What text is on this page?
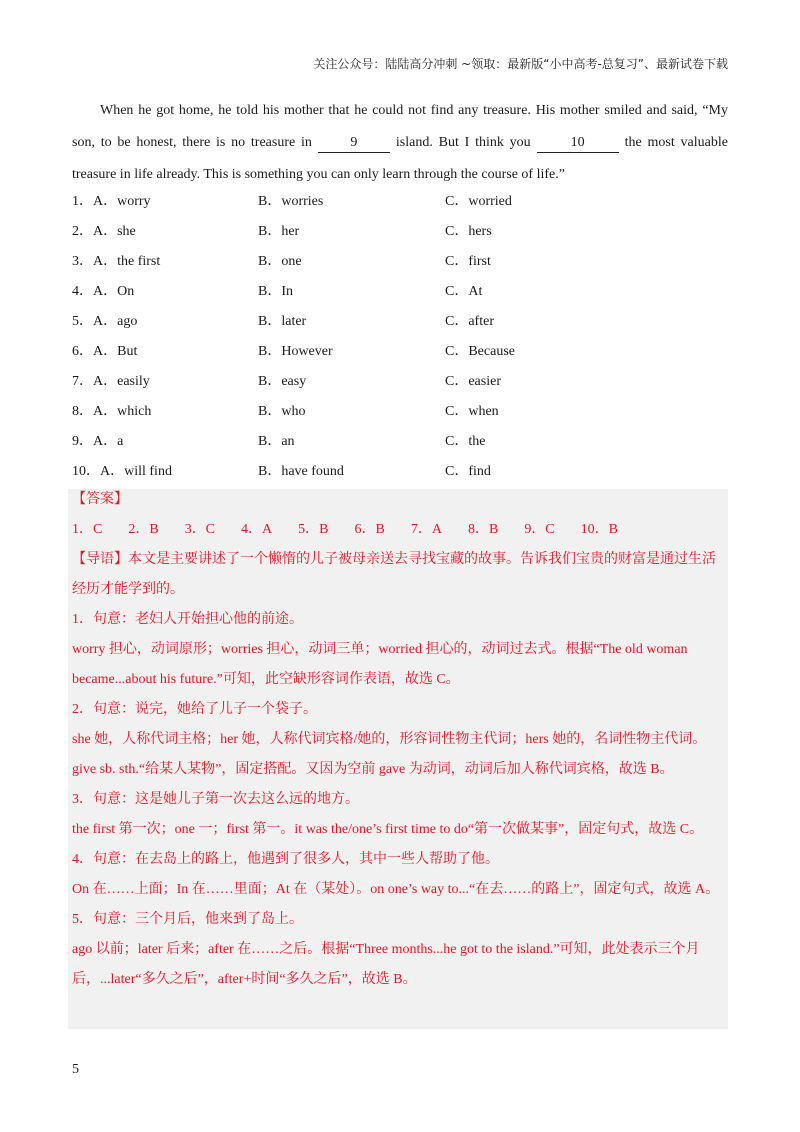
关注公众号：陆陆高分冲刺 ~领取：最新版“小中高考-总复习”、最新试卷下载
When he got home, he told his mother that he could not find any treasure. His mother smiled and said, “My son, to be honest, there is no treasure in	9	island. But I think you	10	the most valuable treasure in life already. This is something you can only learn through the course of life.”
1．A．worry	B．worries	C．worried
2．A．she	B．her	C．hers
3．A．the first	B．one	C．first
4．A．On	B．In	C．At
5．A．ago	B．later	C．after
6．A．But	B．However	C．Because
7．A．easily	B．easy	C．easier
8．A．which	B．who	C．when
9．A．a	B．an	C．the
10．A．will find	B．have found	C．find

【答案】

1．C 2．B 3．C 4．A 5．B 6．B 7．A 8．B 9．C 10．B

【导语】本文是主要讲述了一个懒惰的儿子被母亲送去寻找宝藏的故事。告诉我们宝贵的财富是通过生活经历才能学到的。

1．句意：老妇人开始担心他的前途。

worry 担心，动词原形；worries 担心，动词三单；worried 担心的，动词过去式。根据“The old woman became...about his future.”可知，此空缺形容词作表语，故选 C。

2．句意：说完，她给了儿子一个袋子。

she 她，人称代词主格；her 她，人称代词宾格/她的，形容词性物主代词；hers 她的，名词性物主代词。give sb. sth.“给某人某物”，固定搭配。又因为空前 gave 为动词，动词后加人称代词宾格，故选 B。

3．句意：这是她儿子第一次去这么远的地方。

the first 第一次；one 一；first 第一。it was the/one’s first time to do“第一次做某事”，固定句式，故选 C。

4．句意：在去岛上的路上，他遇到了很多人，其中一些人帮助了他。

On 在……上面；In 在……里面；At 在（某处）。on one’s way to...“在去……的路上”，固定句式，故选 A。

5．句意：三个月后，他来到了岛上。

ago 以前；later 后来；after 在……之后。根据“Three months...he got to the island.”可知，此处表示三个月后，...later“多久之后”，after+时间“多久之后”，故选 B。

5
